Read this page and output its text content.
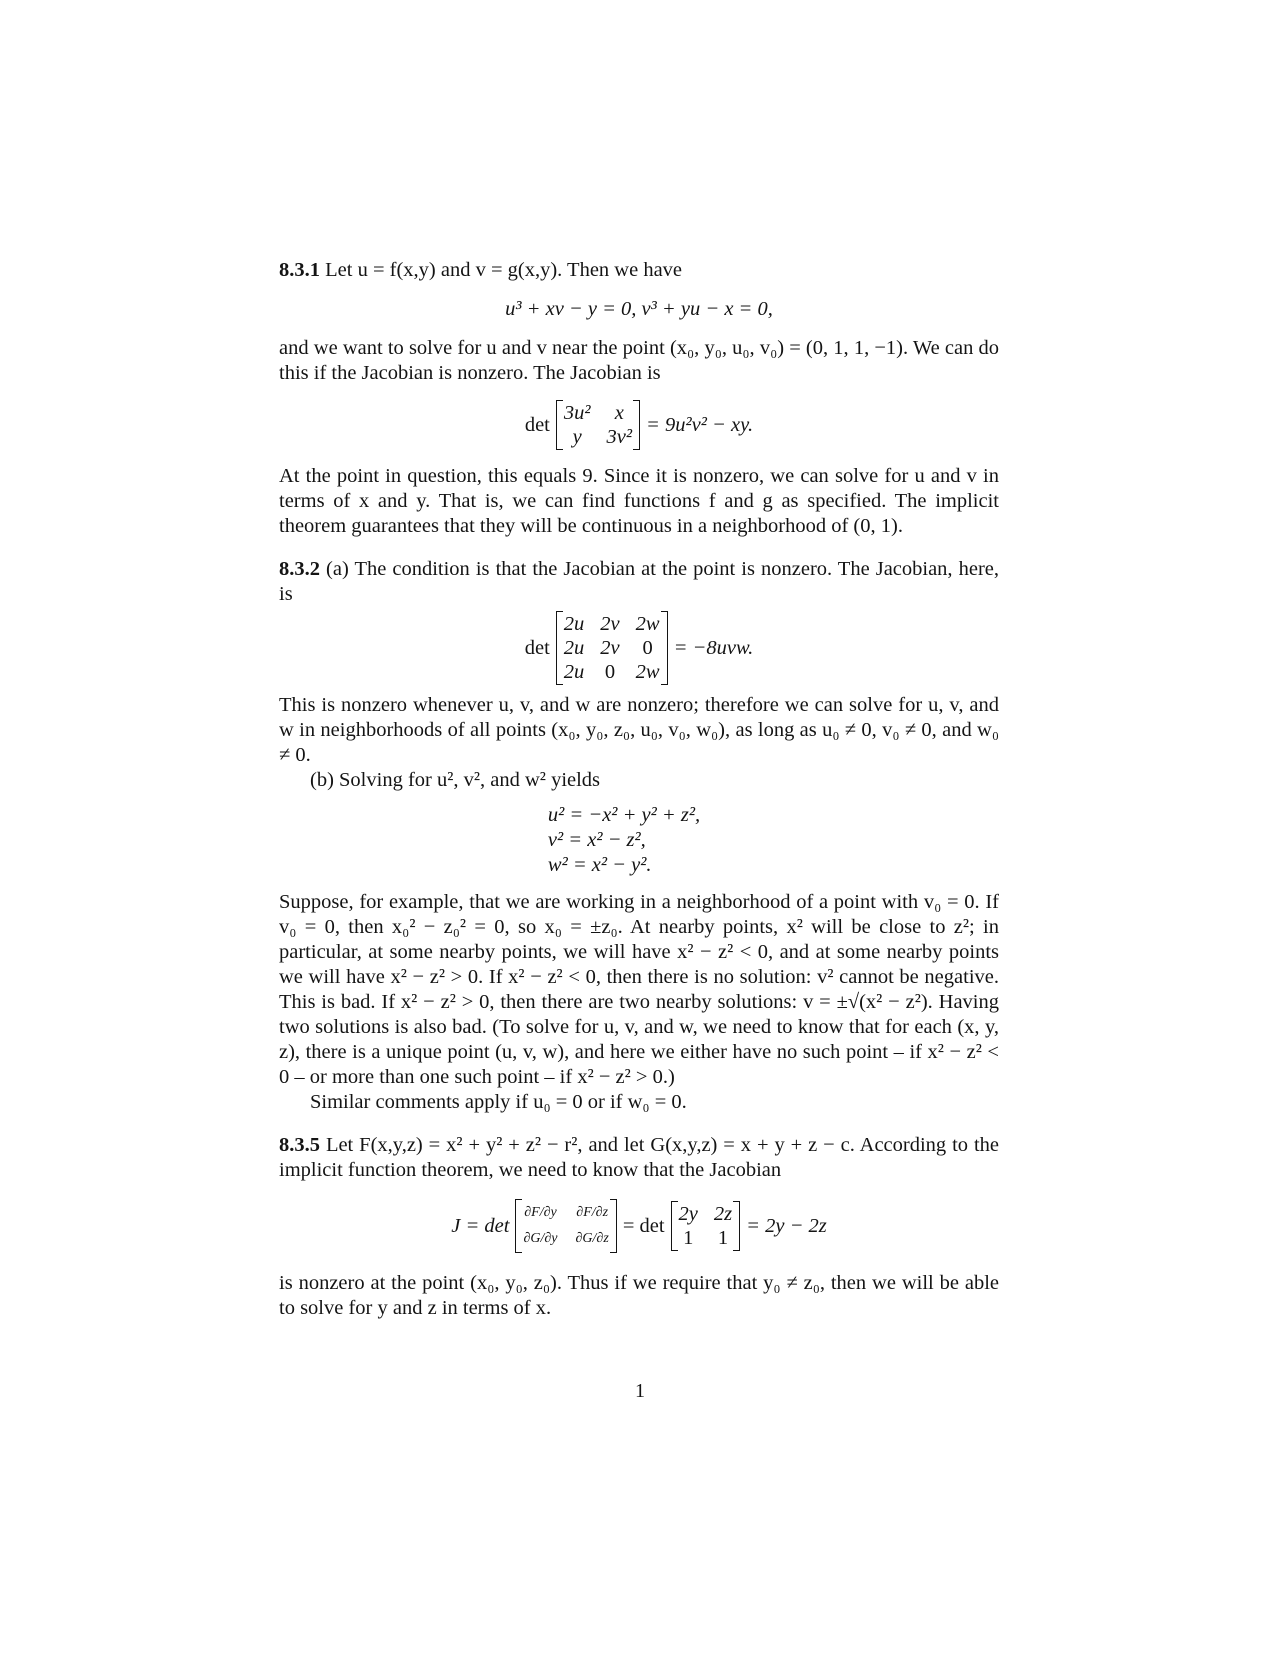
8.3.1 Let u = f(x,y) and v = g(x,y). Then we have

u³ + xv − y = 0, v³ + yu − x = 0,

and we want to solve for u and v near the point (x₀, y₀, u₀, v₀) = (0, 1, 1, −1). We can do this if the Jacobian is nonzero. The Jacobian is

det
3u²	x
y	3v²
= 9u²v² − xy.

At the point in question, this equals 9. Since it is nonzero, we can solve for u and v in terms of x and y. That is, we can find functions f and g as specified. The implicit theorem guarantees that they will be continuous in a neighborhood of (0, 1).

8.3.2 (a) The condition is that the Jacobian at the point is nonzero. The Jacobian, here, is

det
2u 2v 2w
2u 2v	0
2u 0 2w
= −8uvw.

This is nonzero whenever u, v, and w are nonzero; therefore we can solve for u, v, and w in neighborhoods of all points (x₀, y₀, z₀, u₀, v₀, w₀), as long as u₀ ≠ 0, v₀ ≠ 0, and w₀ ≠ 0.

(b) Solving for u², v², and w² yields

u² = −x² + y² + z²,
v² = x² − z²,
w² = x² − y².

Suppose, for example, that we are working in a neighborhood of a point with v₀ = 0. If v₀ = 0, then x₀² − z₀² = 0, so x₀ = ±z₀. At nearby points, x² will be close to z²; in particular, at some nearby points, we will have x² − z² < 0, and at some nearby points we will have x² − z² > 0. If x² − z² < 0, then there is no solution: v² cannot be negative. This is bad. If x² − z² > 0, then there are two nearby solutions: v = ±√(x² − z²). Having two solutions is also bad. (To solve for u, v, and w, we need to know that for each (x, y, z), there is a unique point (u, v, w), and here we either have no such point – if x² − z² < 0 – or more than one such point – if x² − z² > 0.)

Similar comments apply if u₀ = 0 or if w₀ = 0.

8.3.5 Let F(x,y,z) = x² + y² + z² − r², and let G(x,y,z) = x + y + z − c. According to the implicit function theorem, we need to know that the Jacobian

J = det
∂F/∂y ∂F/∂z
∂G/∂y ∂G/∂z
= det
2y 2z
1 1
= 2y − 2z

is nonzero at the point (x₀, y₀, z₀). Thus if we require that y₀ ≠ z₀, then we will be able to solve for y and z in terms of x.

1
